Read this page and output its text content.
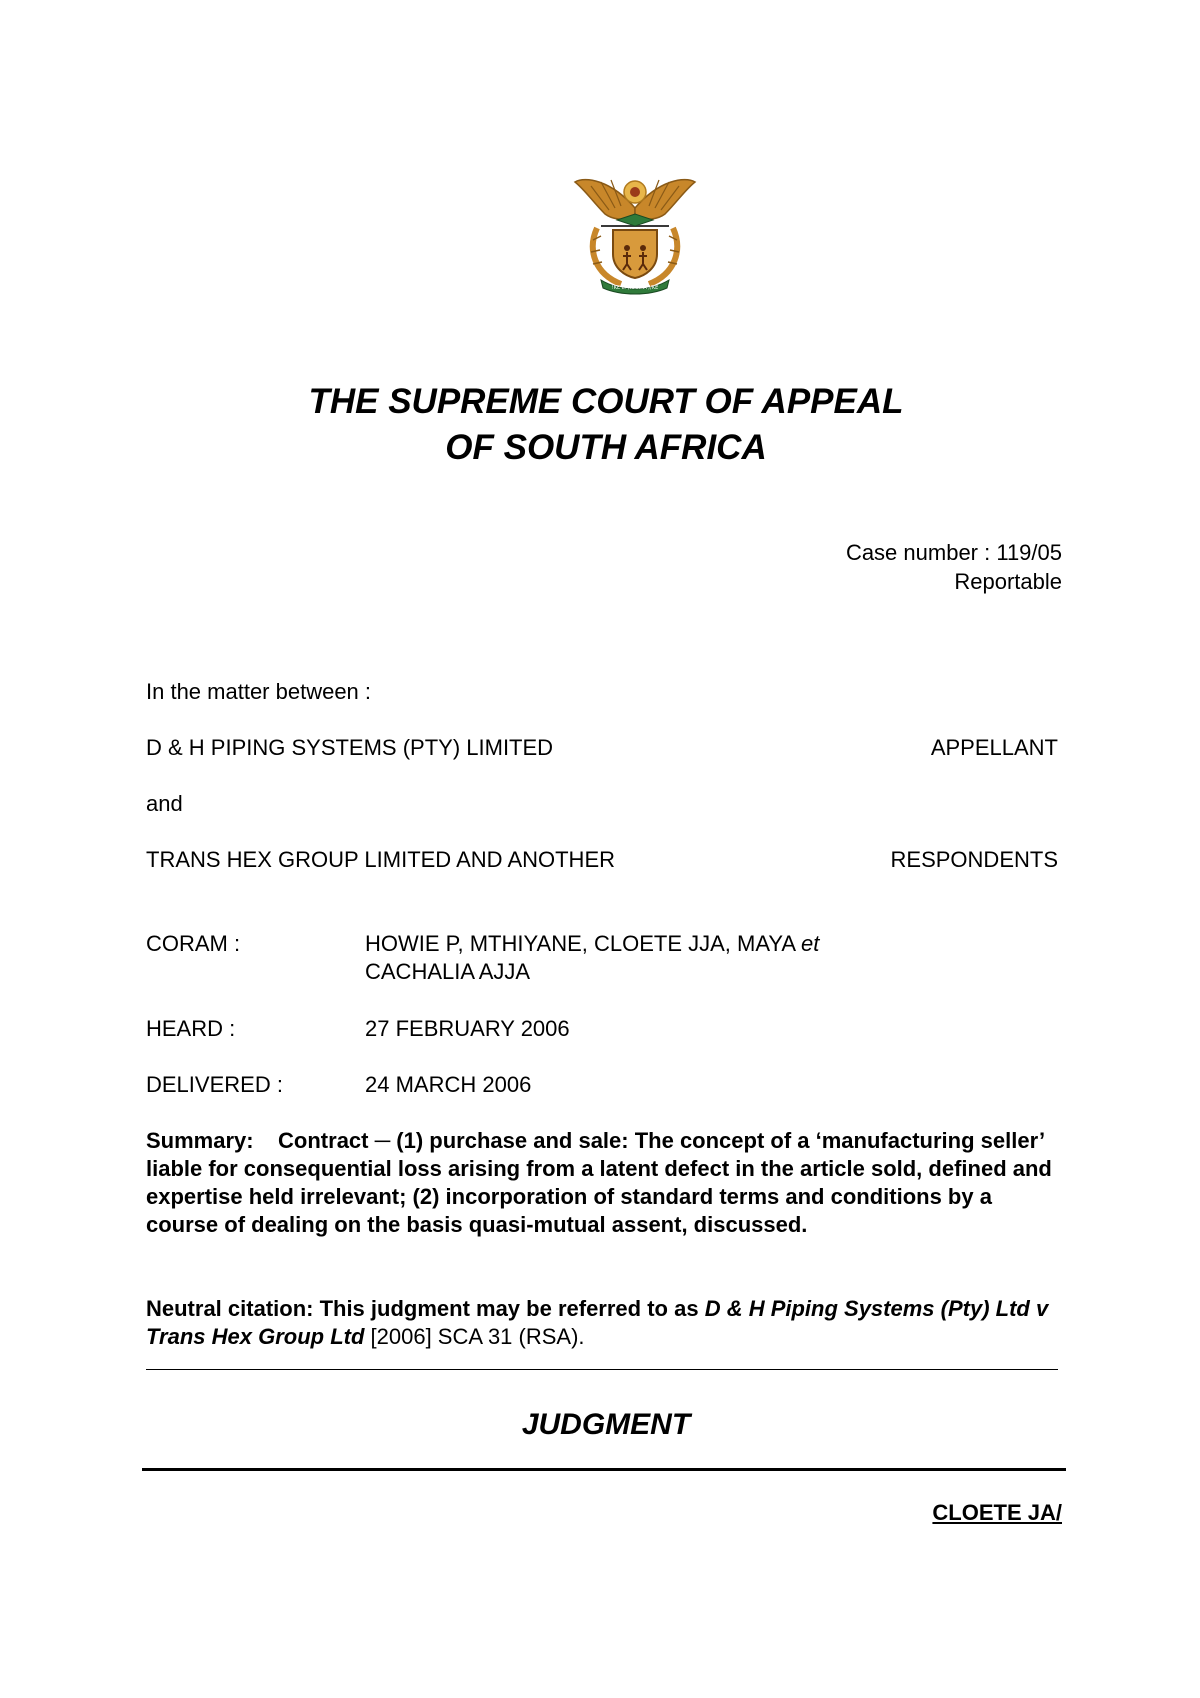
!KE E: /XARRA //KE
THE SUPREME COURT OF APPEAL
OF SOUTH AFRICA
Case number : 119/05
Reportable
In the matter between :
D & H PIPING SYSTEMS (PTY) LIMITED	APPELLANT
and
TRANS HEX GROUP LIMITED AND ANOTHER	RESPONDENTS
CORAM :	HOWIE P, MTHIYANE, CLOETE JJA, MAYA et
CACHALIA AJJA
HEARD :	27 FEBRUARY 2006
DELIVERED :	24 MARCH 2006
Summary: Contract ─ (1) purchase and sale: The concept of a ‘manufacturing seller’ liable for consequential loss arising from a latent defect in the article sold, defined and expertise held irrelevant; (2) incorporation of standard terms and conditions by a course of dealing on the basis quasi-mutual assent, discussed.
Neutral citation: This judgment may be referred to as D & H Piping Systems (Pty) Ltd v Trans Hex Group Ltd [2006] SCA 31 (RSA).
JUDGMENT
CLOETE JA/
